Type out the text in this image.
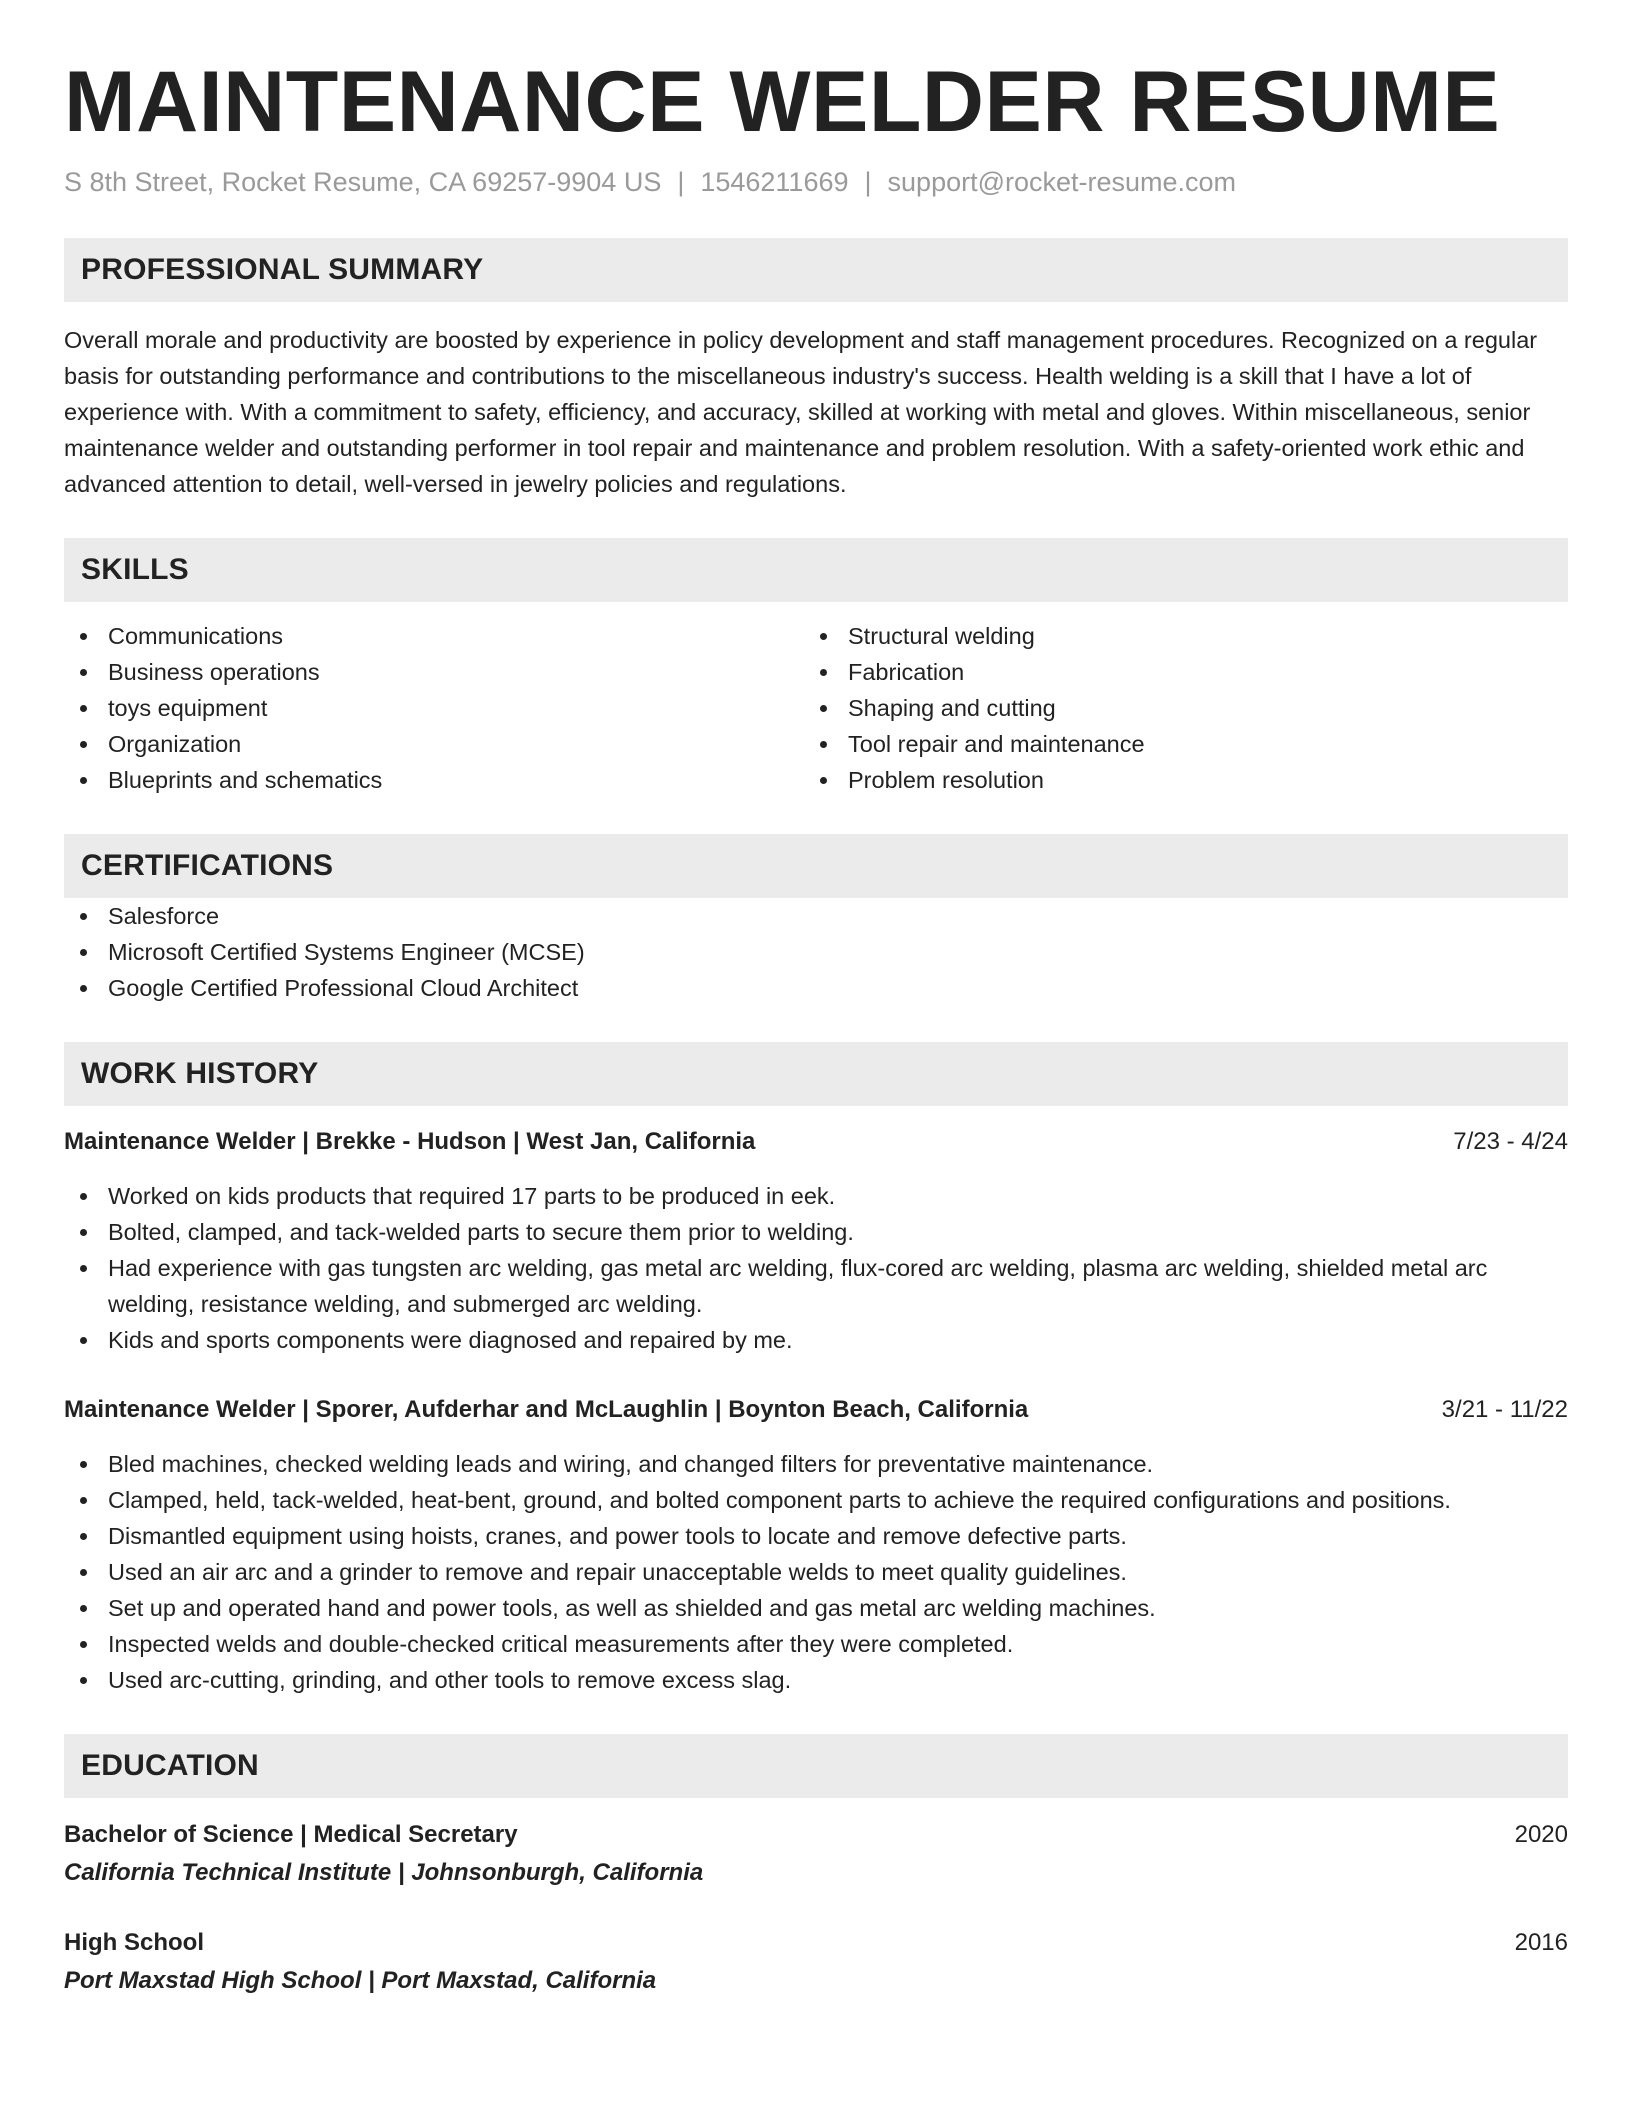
MAINTENANCE WELDER RESUME
S 8th Street, Rocket Resume, CA 69257-9904 US | 1546211669 | support@rocket-resume.com
PROFESSIONAL SUMMARY

Overall morale and productivity are boosted by experience in policy development and staff management procedures. Recognized on a regular basis for outstanding performance and contributions to the miscellaneous industry's success. Health welding is a skill that I have a lot of experience with. With a commitment to safety, efficiency, and accuracy, skilled at working with metal and gloves. Within miscellaneous, senior maintenance welder and outstanding performer in tool repair and maintenance and problem resolution. With a safety-oriented work ethic and advanced attention to detail, well-versed in jewelry policies and regulations.

SKILLS
Communications
Business operations
toys equipment
Organization
Blueprints and schematics
Structural welding
Fabrication
Shaping and cutting
Tool repair and maintenance
Problem resolution
CERTIFICATIONS
Salesforce
Microsoft Certified Systems Engineer (MCSE)
Google Certified Professional Cloud Architect
WORK HISTORY
Maintenance Welder | Brekke - Hudson | West Jan, California	7/23 - 4/24
Worked on kids products that required 17 parts to be produced in eek.
Bolted, clamped, and tack-welded parts to secure them prior to welding.
Had experience with gas tungsten arc welding, gas metal arc welding, flux-cored arc welding, plasma arc welding, shielded metal arc welding, resistance welding, and submerged arc welding.
Kids and sports components were diagnosed and repaired by me.
Maintenance Welder | Sporer, Aufderhar and McLaughlin | Boynton Beach, California	3/21 - 11/22
Bled machines, checked welding leads and wiring, and changed filters for preventative maintenance.
Clamped, held, tack-welded, heat-bent, ground, and bolted component parts to achieve the required configurations and positions.
Dismantled equipment using hoists, cranes, and power tools to locate and remove defective parts.
Used an air arc and a grinder to remove and repair unacceptable welds to meet quality guidelines.
Set up and operated hand and power tools, as well as shielded and gas metal arc welding machines.
Inspected welds and double-checked critical measurements after they were completed.
Used arc-cutting, grinding, and other tools to remove excess slag.
EDUCATION
Bachelor of Science | Medical Secretary	2020
California Technical Institute | Johnsonburgh, California
High School	2016
Port Maxstad High School | Port Maxstad, California
